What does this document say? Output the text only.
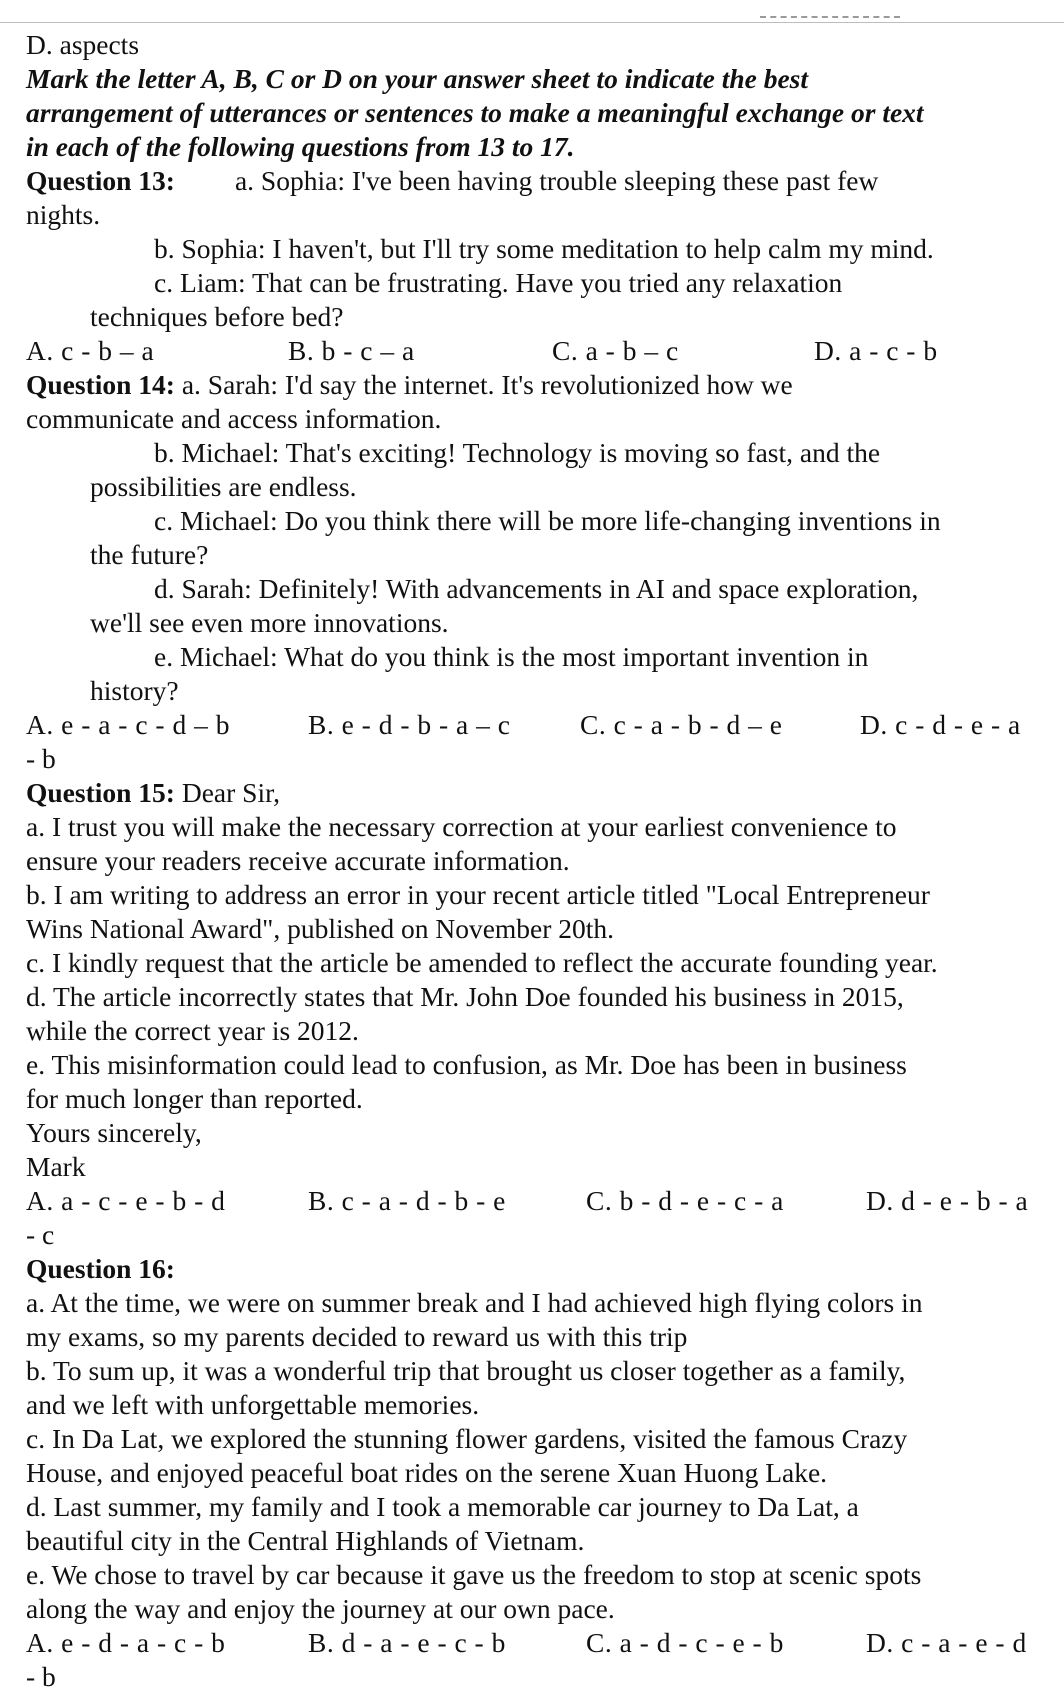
D. aspects
Mark the letter A, B, C or D on your answer sheet to indicate the best
arrangement of utterances or sentences to make a meaningful exchange or text
in each of the following questions from 13 to 17.
Question 13: a. Sophia: I've been having trouble sleeping these past few
nights.
b. Sophia: I haven't, but I'll try some meditation to help calm my mind.
c. Liam: That can be frustrating. Have you tried any relaxation
techniques before bed?
A. c - b – a	B. b - c – a	C. a - b – c	D. a - c - b
Question 14: a. Sarah: I'd say the internet. It's revolutionized how we
communicate and access information.
b. Michael: That's exciting! Technology is moving so fast, and the
possibilities are endless.
c. Michael: Do you think there will be more life-changing inventions in
the future?
d. Sarah: Definitely! With advancements in AI and space exploration,
we'll see even more innovations.
e. Michael: What do you think is the most important invention in
history?
A. e - a - c - d – b	B. e - d - b - a – c	C. c - a - b - d – e	D. c - d - e - a
- b
Question 15: Dear Sir,
a. I trust you will make the necessary correction at your earliest convenience to
ensure your readers receive accurate information.
b. I am writing to address an error in your recent article titled "Local Entrepreneur
Wins National Award", published on November 20th.
c. I kindly request that the article be amended to reflect the accurate founding year.
d. The article incorrectly states that Mr. John Doe founded his business in 2015,
while the correct year is 2012.
e. This misinformation could lead to confusion, as Mr. Doe has been in business
for much longer than reported.
Yours sincerely,
Mark
A. a - c - e - b - d	B. c - a - d - b - e	C. b - d - e - c - a	D. d - e - b - a
- c
Question 16:
a. At the time, we were on summer break and I had achieved high flying colors in
my exams, so my parents decided to reward us with this trip
b. To sum up, it was a wonderful trip that brought us closer together as a family,
and we left with unforgettable memories.
c. In Da Lat, we explored the stunning flower gardens, visited the famous Crazy
House, and enjoyed peaceful boat rides on the serene Xuan Huong Lake.
d. Last summer, my family and I took a memorable car journey to Da Lat, a
beautiful city in the Central Highlands of Vietnam.
e. We chose to travel by car because it gave us the freedom to stop at scenic spots
along the way and enjoy the journey at our own pace.
A. e - d - a - c - b	B. d - a - e - c - b	C. a - d - c - e - b	D. c - a - e - d
- b
